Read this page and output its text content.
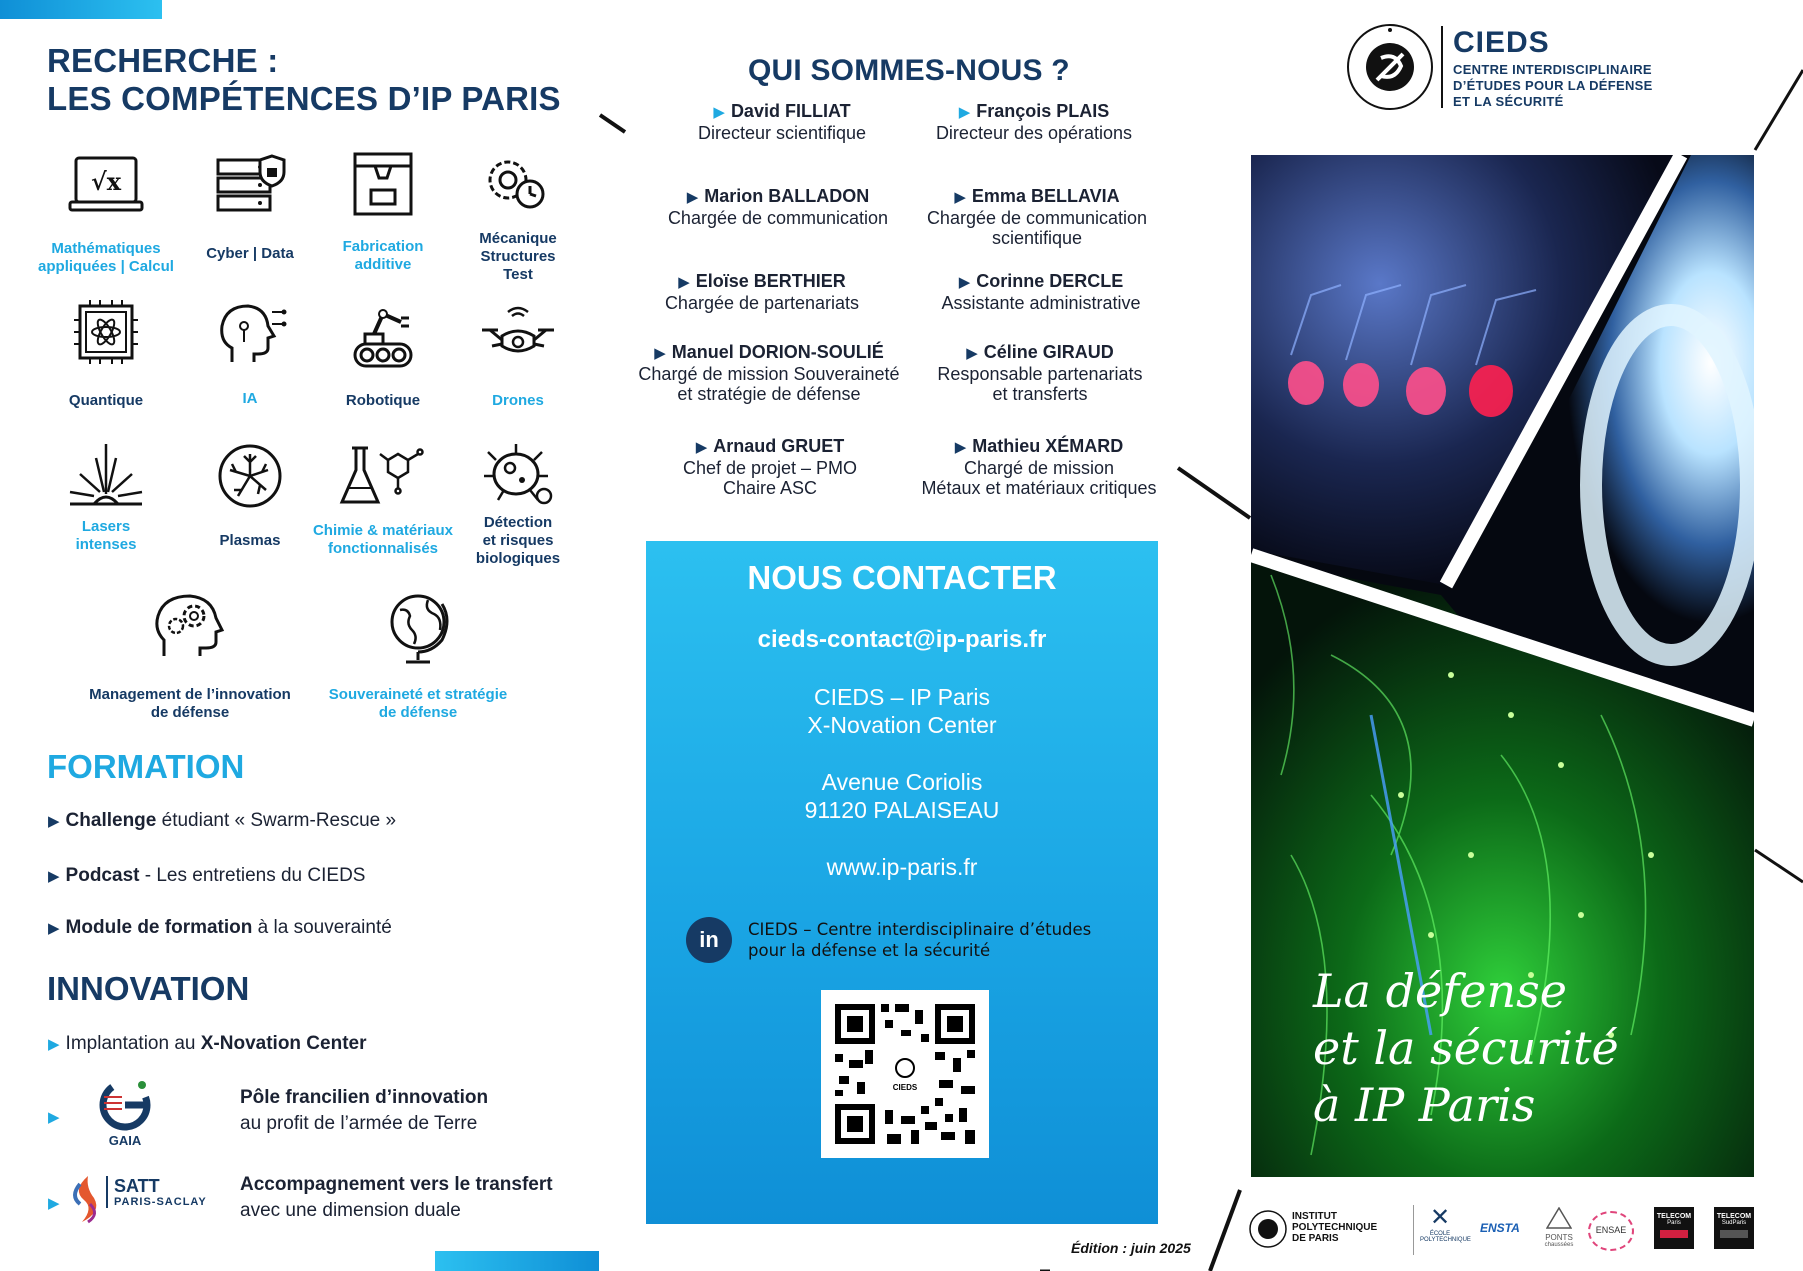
RECHERCHE :
LES COMPÉTENCES D’IP PARIS
√x
Mathématiques
appliquées | Calcul
Cyber | Data	Fabrication
additive
Mécanique
Structures
Test
Quantique	IA	Robotique	Drones
Lasers
intenses	Plasmas
Chimie & matériaux
fonctionnalisés
Détection
et risques
biologiques
Management de l’innovation
de défense
Souveraineté et stratégie
de défense
FORMATION
▶ Challenge étudiant « Swarm-Rescue »
▶ Podcast - Les entretiens du CIEDS
▶ Module de formation à la souverainté
INNOVATION
▶ Implantation au X-Novation Center
▶
GAIA
Pôle francilien d’innovation
au profit de l’armée de Terre
▶
SATT
PARIS-SACLAY
Accompagnement vers le transfert
avec une dimension duale
QUI SOMMES-NOUS ?
▶ David FILLIAT
Directeur scientifique
▶ François PLAIS
Directeur des opérations
▶ Marion BALLADON
Chargée de communication
▶ Emma BELLAVIA
Chargée de communication
scientifique
▶ Eloïse BERTHIER
Chargée de partenariats
▶ Corinne DERCLE
Assistante administrative
▶ Manuel DORION-SOULIÉ
Chargé de mission Souveraineté
et stratégie de défense
▶ Céline GIRAUD
Responsable partenariats
et transferts
▶ Arnaud GRUET
Chef de projet – PMO
Chaire ASC
▶ Mathieu XÉMARD
Chargé de mission
Métaux et matériaux critiques
NOUS CONTACTER
cieds-contact@ip-paris.fr
CIEDS – IP Paris
X-Novation Center
Avenue Coriolis
91120 PALAISEAU
www.ip-paris.fr
in	CIEDS – Centre interdisciplinaire d’études
pour la défense et la sécurité
CIEDS
Édition : juin 2025
CIEDS
CENTRE INTERDISCIPLINAIRE
D’ÉTUDES POUR LA DÉFENSE
ET LA SÉCURITÉ
La défense
et la sécurité
à IP Paris
INSTITUT
POLYTECHNIQUE
DE PARIS
✕
ÉCOLE
POLYTECHNIQUE
ENSTA
PONTS
chaussées
ENSAE
TELECOM
Paris
TELECOM
SudParis
